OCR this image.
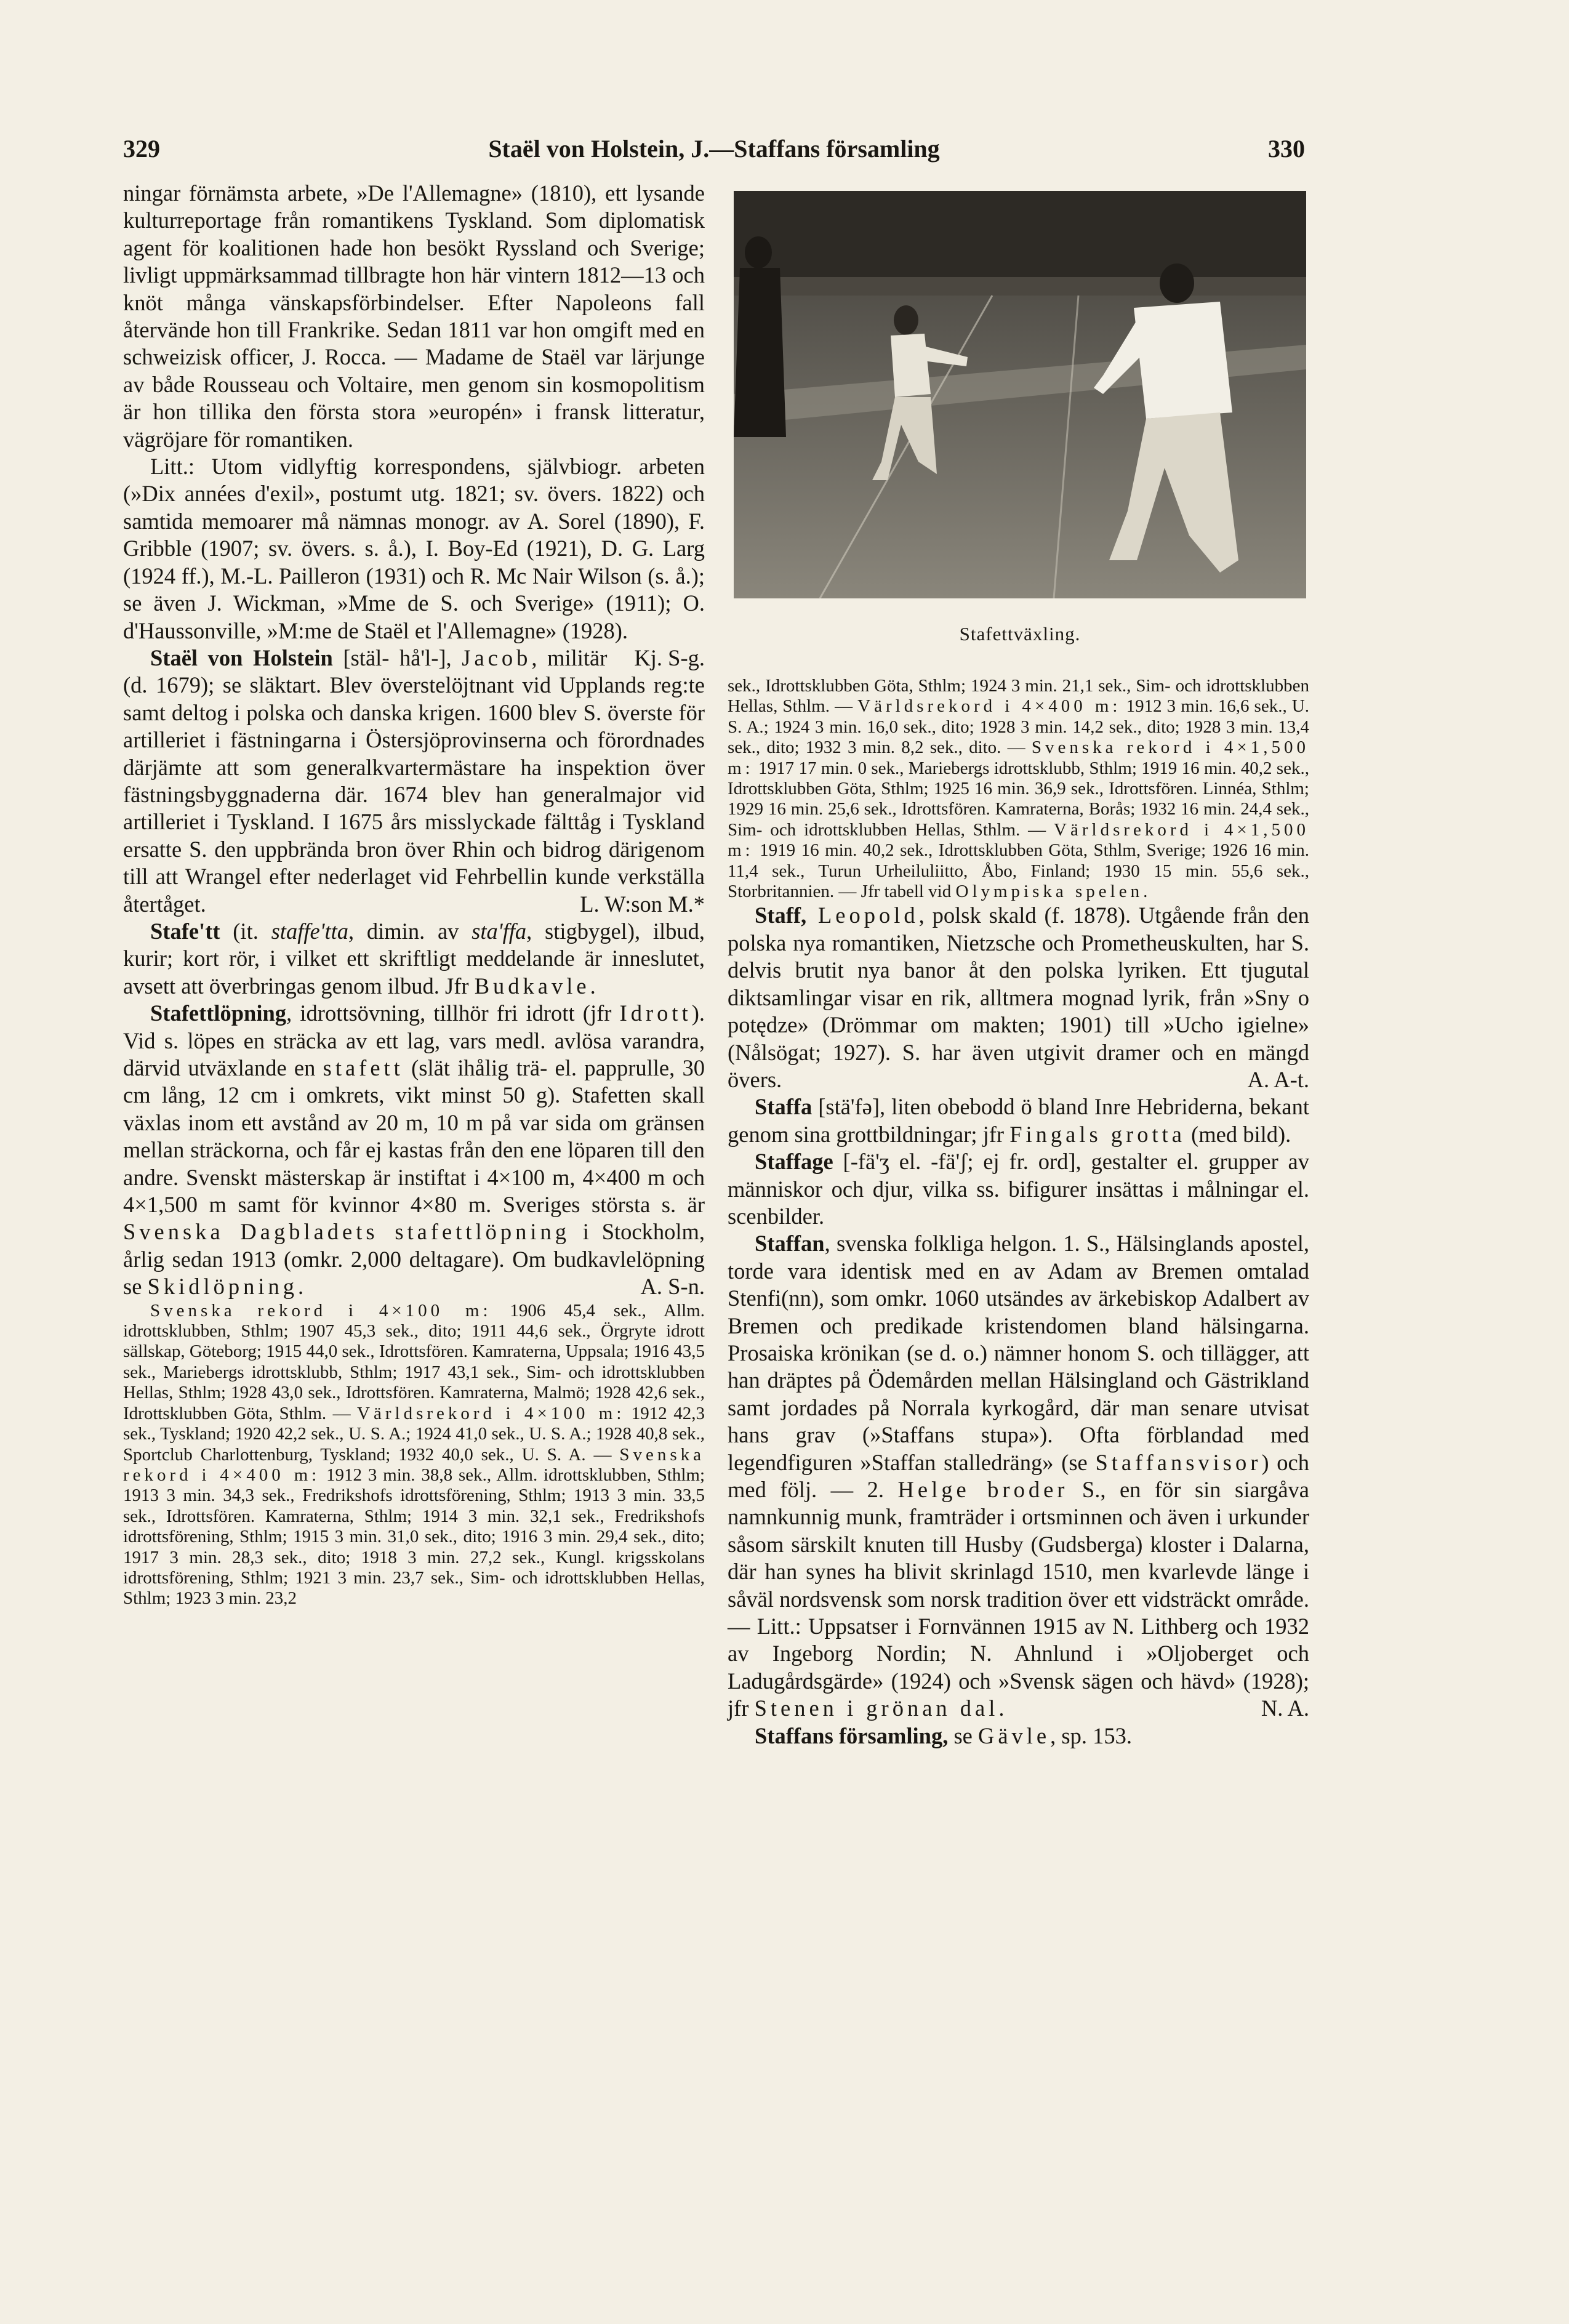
329	Staël von Holstein, J.—Staffans församling	330

ningar förnämsta arbete, »De l'Allemagne» (1810), ett lysande kulturreportage från romantikens Tyskland. Som diplomatisk agent för koalitionen hade hon besökt Ryssland och Sverige; livligt uppmärksammad tillbragte hon här vintern 1812—13 och knöt många vänskapsförbindelser. Efter Napoleons fall återvände hon till Frankrike. Sedan 1811 var hon omgift med en schweizisk officer, J. Rocca. — Madame de Staël var lärjunge av både Rousseau och Voltaire, men genom sin kosmopolitism är hon tillika den första stora »europén» i fransk litteratur, vägröjare för romantiken.

Litt.: Utom vidlyftig korrespondens, självbiogr. arbeten (»Dix années d'exil», postumt utg. 1821; sv. övers. 1822) och samtida memoarer må nämnas monogr. av A. Sorel (1890), F. Gribble (1907; sv. övers. s. å.), I. Boy-Ed (1921), D. G. Larg (1924 ff.), M.-L. Pailleron (1931) och R. Mc Nair Wilson (s. å.); se även J. Wickman, »Mme de S. och Sverige» (1911); O. d'Haussonville, »M:me de Staël et l'Allemagne» (1928).
Kj. S-g.

Staël von Holstein [stäl- hå'l-], Jacob, militär (d. 1679); se släktart. Blev överstelöjtnant vid Upplands reg:te samt deltog i polska och danska krigen. 1600 blev S. överste för artilleriet i fästningarna i Östersjöprovinserna och förordnades därjämte att som generalkvartermästare ha inspektion över fästningsbyggnaderna där. 1674 blev han generalmajor vid artilleriet i Tyskland. I 1675 års misslyckade fälttåg i Tyskland ersatte S. den uppbrända bron över Rhin och bidrog därigenom till att Wrangel efter nederlaget vid Fehrbellin kunde verkställa återtåget.	L. W:son M.*

Stafe'tt (it. staffe'tta, dimin. av sta'ffa, stigbygel), ilbud, kurir; kort rör, i vilket ett skriftligt meddelande är inneslutet, avsett att överbringas genom ilbud. Jfr Budkavle.

Stafettlöpning, idrottsövning, tillhör fri idrott (jfr Idrott). Vid s. löpes en sträcka av ett lag, vars medl. avlösa varandra, därvid utväxlande en stafett (slät ihålig trä- el. papprulle, 30 cm lång, 12 cm i omkrets, vikt minst 50 g). Stafetten skall växlas inom ett avstånd av 20 m, 10 m på var sida om gränsen mellan sträckorna, och får ej kastas från den ene löparen till den andre. Svenskt mästerskap är instiftat i 4×100 m, 4×400 m och 4×1,500 m samt för kvinnor 4×80 m. Sveriges största s. är Svenska Dagbladets stafettlöpning i Stockholm, årlig sedan 1913 (omkr. 2,000 deltagare). Om budkavlelöpning se Skidlöpning.	A. S-n.

Svenska rekord i 4×100 m: 1906 45,4 sek., Allm. idrottsklubben, Sthlm; 1907 45,3 sek., dito; 1911 44,6 sek., Örgryte idrott sällskap, Göteborg; 1915 44,0 sek., Idrottsfören. Kamraterna, Uppsala; 1916 43,5 sek., Mariebergs idrottsklubb, Sthlm; 1917 43,1 sek., Sim- och idrottsklubben Hellas, Sthlm; 1928 43,0 sek., Idrottsfören. Kamraterna, Malmö; 1928 42,6 sek., Idrottsklubben Göta, Sthlm. — Världsrekord i 4×100 m: 1912 42,3 sek., Tyskland; 1920 42,2 sek., U. S. A.; 1924 41,0 sek., U. S. A.; 1928 40,8 sek., Sportclub Charlottenburg, Tyskland; 1932 40,0 sek., U. S. A. — Svenska rekord i 4×400 m: 1912 3 min. 38,8 sek., Allm. idrottsklubben, Sthlm; 1913 3 min. 34,3 sek., Fredrikshofs idrottsförening, Sthlm; 1913 3 min. 33,5 sek., Idrottsfören. Kamraterna, Sthlm; 1914 3 min. 32,1 sek., Fredrikshofs idrottsförening, Sthlm; 1915 3 min. 31,0 sek., dito; 1916 3 min. 29,4 sek., dito; 1917 3 min. 28,3 sek., dito; 1918 3 min. 27,2 sek., Kungl. krigsskolans idrottsförening, Sthlm; 1921 3 min. 23,7 sek., Sim- och idrottsklubben Hellas, Sthlm; 1923 3 min. 23,2

Stafettväxling.

sek., Idrottsklubben Göta, Sthlm; 1924 3 min. 21,1 sek., Sim- och idrottsklubben Hellas, Sthlm. — Världsrekord i 4×400 m: 1912 3 min. 16,6 sek., U. S. A.; 1924 3 min. 16,0 sek., dito; 1928 3 min. 14,2 sek., dito; 1928 3 min. 13,4 sek., dito; 1932 3 min. 8,2 sek., dito. — Svenska rekord i 4×1,500 m: 1917 17 min. 0 sek., Mariebergs idrottsklubb, Sthlm; 1919 16 min. 40,2 sek., Idrottsklubben Göta, Sthlm; 1925 16 min. 36,9 sek., Idrottsfören. Linnéa, Sthlm; 1929 16 min. 25,6 sek., Idrottsfören. Kamraterna, Borås; 1932 16 min. 24,4 sek., Sim- och idrottsklubben Hellas, Sthlm. — Världsrekord i 4×1,500 m: 1919 16 min. 40,2 sek., Idrottsklubben Göta, Sthlm, Sverige; 1926 16 min. 11,4 sek., Turun Urheiluliitto, Åbo, Finland; 1930 15 min. 55,6 sek., Storbritannien. — Jfr tabell vid Olympiska spelen.

Staff, Leopold, polsk skald (f. 1878). Utgående från den polska nya romantiken, Nietzsche och Prometheuskulten, har S. delvis brutit nya banor åt den polska lyriken. Ett tjugutal diktsamlingar visar en rik, alltmera mognad lyrik, från »Sny o potędze» (Drömmar om makten; 1901) till »Ucho igielne» (Nålsögat; 1927). S. har även utgivit dramer och en mängd övers.	A. A-t.

Staffa [stä'fə], liten obebodd ö bland Inre Hebriderna, bekant genom sina grottbildningar; jfr Fingals grotta (med bild).

Staffage [-fä'ʒ el. -fä'ʃ; ej fr. ord], gestalter el. grupper av människor och djur, vilka ss. bifigurer insättas i målningar el. scenbilder.

Staffan, svenska folkliga helgon. 1. S., Hälsinglands apostel, torde vara identisk med en av Adam av Bremen omtalad Stenfi(nn), som omkr. 1060 utsändes av ärkebiskop Adalbert av Bremen och predikade kristendomen bland hälsingarna. Prosaiska krönikan (se d. o.) nämner honom S. och tillägger, att han dräptes på Ödemården mellan Hälsingland och Gästrikland samt jordades på Norrala kyrkogård, där man senare utvisat hans grav (»Staffans stupa»). Ofta förblandad med legendfiguren »Staffan stalledräng» (se Staffansvisor) och med följ. — 2. Helge broder S., en för sin siargåva namnkunnig munk, framträder i ortsminnen och även i urkunder såsom särskilt knuten till Husby (Gudsberga) kloster i Dalarna, där han synes ha blivit skrinlagd 1510, men kvarlevde länge i såväl nordsvensk som norsk tradition över ett vidsträckt område. — Litt.: Uppsatser i Fornvännen 1915 av N. Lithberg och 1932 av Ingeborg Nordin; N. Ahnlund i »Oljoberget och Ladugårdsgärde» (1924) och »Svensk sägen och hävd» (1928); jfr Stenen i grönan dal.	N. A.

Staffans församling, se Gävle, sp. 153.
